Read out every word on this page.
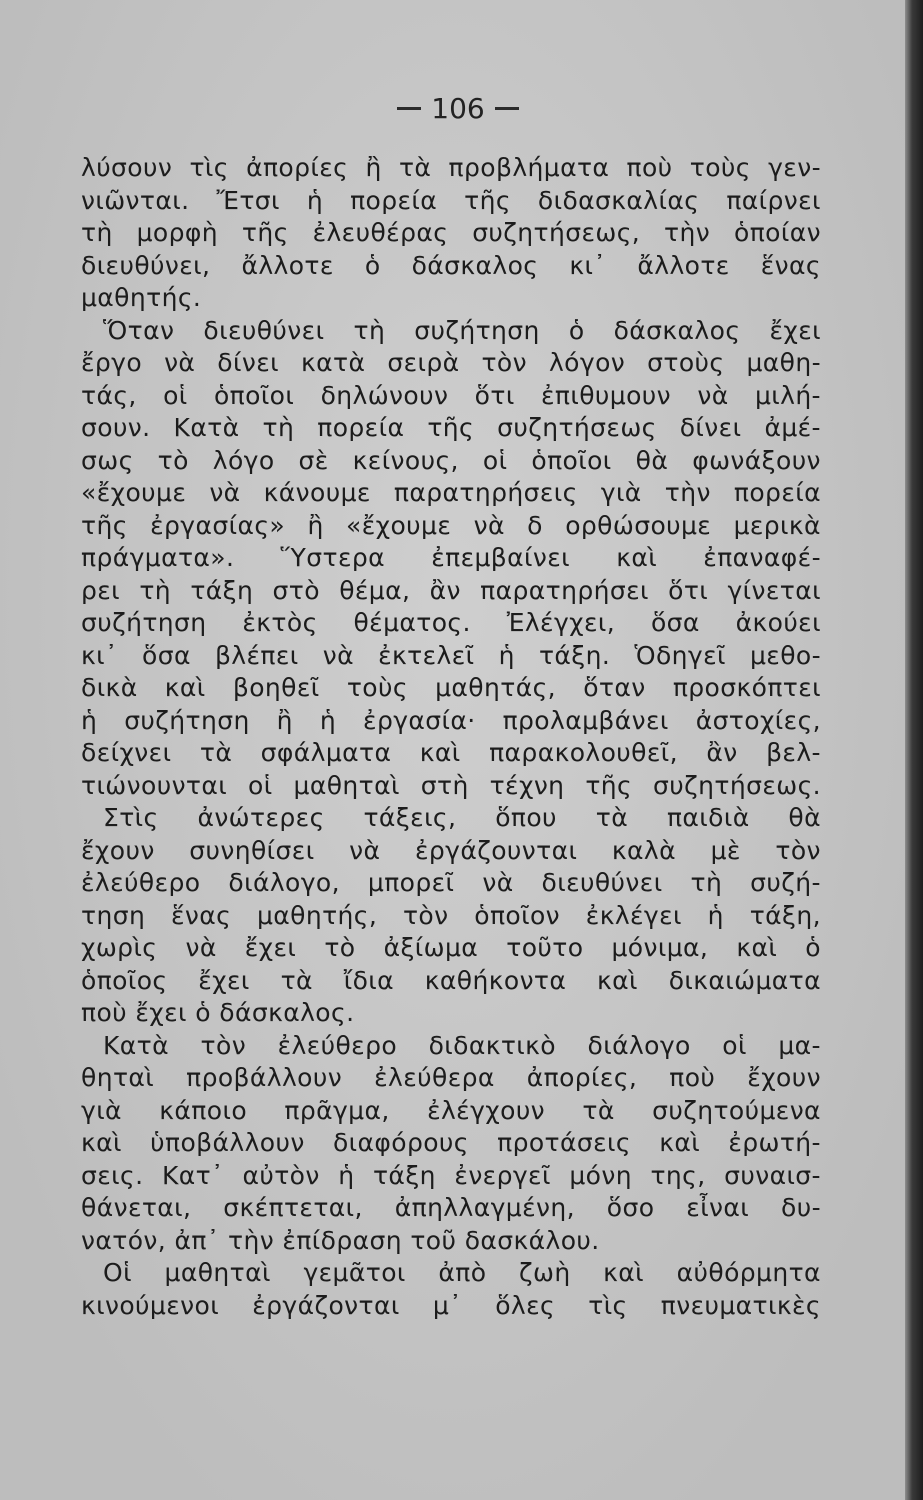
106
λύσουν τὶς ἀπορίες ἢ τὰ προβλήματα ποὺ τοὺς γεν-
νιῶνται. Ἔτσι ἡ πορεία τῆς διδασκαλίας παίρνει
τὴ μορφὴ τῆς ἐλευθέρας συζητήσεως, τὴν ὁποίαν
διευθύνει, ἄλλοτε ὁ δάσκαλος κι᾽ ἄλλοτε ἕνας
μαθητής.
Ὅταν διευθύνει τὴ συζήτηση ὁ δάσκαλος ἔχει
ἔργο νὰ δίνει κατὰ σειρὰ τὸν λόγον στοὺς μαθη-
τάς, οἱ ὁποῖοι δηλώνουν ὅτι ἐπιθυμουν νὰ μιλή-
σουν. Κατὰ τὴ πορεία τῆς συζητήσεως δίνει ἀμέ-
σως τὸ λόγο σὲ κείνους, οἱ ὁποῖοι θὰ φωνάξουν
«ἔχουμε νὰ κάνουμε παρατηρήσεις γιὰ τὴν πορεία
τῆς ἐργασίας» ἢ «ἔχουμε νὰ δ ορθώσουμε μερικὰ
πράγματα». Ὕστερα ἐπεμβαίνει καὶ ἐπαναφέ-
ρει τὴ τάξη στὸ θέμα, ἂν παρατηρήσει ὅτι γίνεται
συζήτηση ἐκτὸς θέματος. Ἐλέγχει, ὅσα ἀκούει
κι᾽ ὅσα βλέπει νὰ ἐκτελεῖ ἡ τάξη. Ὁδηγεῖ μεθο-
δικὰ καὶ βοηθεῖ τοὺς μαθητάς, ὅταν προσκόπτει
ἡ συζήτηση ἢ ἡ ἐργασία· προλαμβάνει ἀστοχίες,
δείχνει τὰ σφάλματα καὶ παρακολουθεῖ, ἂν βελ-
τιώνουνται οἱ μαθηταὶ στὴ τέχνη τῆς συζητήσεως.
Στὶς ἀνώτερες τάξεις, ὅπου τὰ παιδιὰ θὰ
ἔχουν συνηθίσει νὰ ἐργάζουνται καλὰ μὲ τὸν
ἐλεύθερο διάλογο, μπορεῖ νὰ διευθύνει τὴ συζή-
τηση ἕνας μαθητής, τὸν ὁποῖον ἐκλέγει ἡ τάξη,
χωρὶς νὰ ἔχει τὸ ἀξίωμα τοῦτο μόνιμα, καὶ ὁ
ὁποῖος ἔχει τὰ ἴδια καθήκοντα καὶ δικαιώματα
ποὺ ἔχει ὁ δάσκαλος.
Κατὰ τὸν ἐλεύθερο διδακτικὸ διάλογο οἱ μα-
θηταὶ προβάλλουν ἐλεύθερα ἀπορίες, ποὺ ἔχουν
γιὰ κάποιο πρᾶγμα, ἐλέγχουν τὰ συζητούμενα
καὶ ὑποβάλλουν διαφόρους προτάσεις καὶ ἐρωτή-
σεις. Κατ᾽ αὐτὸν ἡ τάξη ἐνεργεῖ μόνη της, συναισ-
θάνεται, σκέπτεται, ἀπηλλαγμένη, ὅσο εἶναι δυ-
νατόν, ἀπ᾽ τὴν ἐπίδραση τοῦ δασκάλου.
Οἱ μαθηταὶ γεμᾶτοι ἀπὸ ζωὴ καὶ αὐθόρμητα
κινούμενοι ἐργάζονται μ᾽ ὅλες τὶς πνευματικὲς
